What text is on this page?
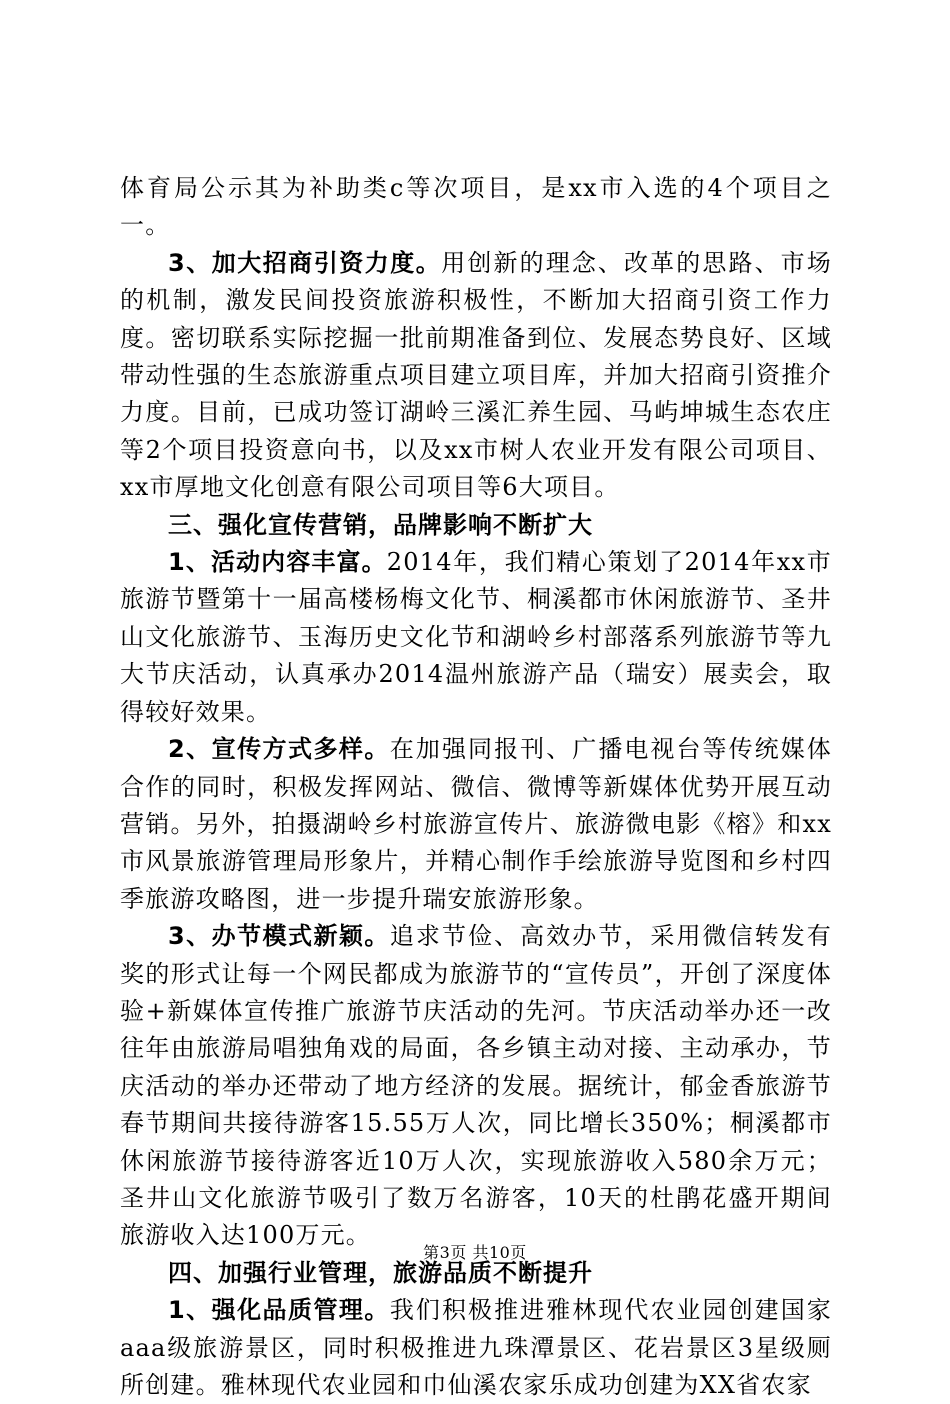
体育局公示其为补助类c等次项目，是xx市入选的4个项目之一。

3、加大招商引资力度。用创新的理念、改革的思路、市场的机制，激发民间投资旅游积极性，不断加大招商引资工作力度。密切联系实际挖掘一批前期准备到位、发展态势良好、区域带动性强的生态旅游重点项目建立项目库，并加大招商引资推介力度。目前，已成功签订湖岭三溪汇养生园、马屿坤城生态农庄等2个项目投资意向书，以及xx市树人农业开发有限公司项目、xx市厚地文化创意有限公司项目等6大项目。

三、强化宣传营销，品牌影响不断扩大

1、活动内容丰富。2014年，我们精心策划了2014年xx市旅游节暨第十一届高楼杨梅文化节、桐溪都市休闲旅游节、圣井山文化旅游节、玉海历史文化节和湖岭乡村部落系列旅游节等九大节庆活动，认真承办2014温州旅游产品（瑞安）展卖会，取得较好效果。

2、宣传方式多样。在加强同报刊、广播电视台等传统媒体合作的同时，积极发挥网站、微信、微博等新媒体优势开展互动营销。另外，拍摄湖岭乡村旅游宣传片、旅游微电影《榕》和xx市风景旅游管理局形象片，并精心制作手绘旅游导览图和乡村四季旅游攻略图，进一步提升瑞安旅游形象。

3、办节模式新颖。追求节俭、高效办节，采用微信转发有奖的形式让每一个网民都成为旅游节的“宣传员”，开创了深度体验+新媒体宣传推广旅游节庆活动的先河。节庆活动举办还一改往年由旅游局唱独角戏的局面，各乡镇主动对接、主动承办，节庆活动的举办还带动了地方经济的发展。据统计，郁金香旅游节春节期间共接待游客15.55万人次，同比增长350%；桐溪都市休闲旅游节接待游客近10万人次，实现旅游收入580余万元；圣井山文化旅游节吸引了数万名游客，10天的杜鹃花盛开期间旅游收入达100万元。

四、加强行业管理，旅游品质不断提升

1、强化品质管理。我们积极推进雅林现代农业园创建国家aaa级旅游景区，同时积极推进九珠潭景区、花岩景区3星级厕所创建。雅林现代农业园和巾仙溪农家乐成功创建为XX省农家

第3页 共10页
